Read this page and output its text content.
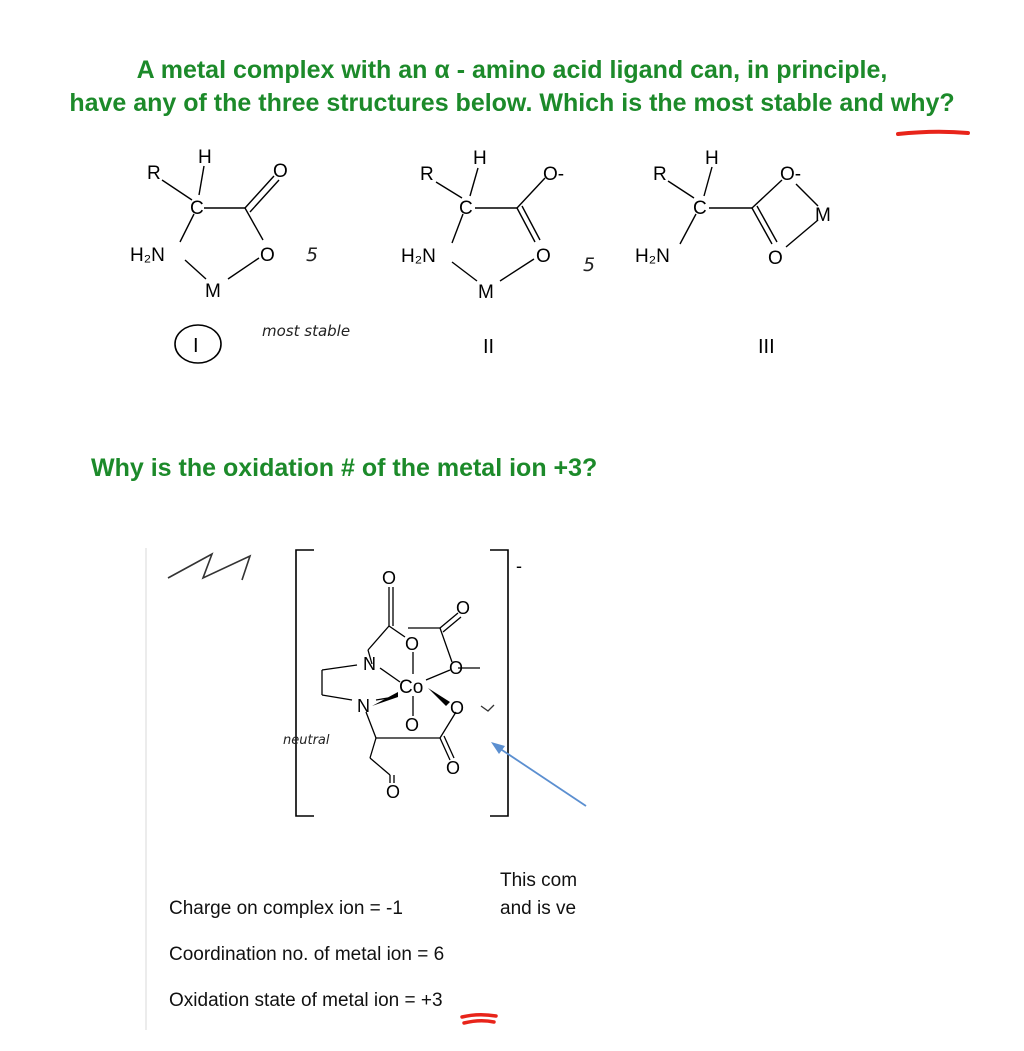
A metal complex with an α - amino acid ligand can, in principle,
have any of the three structures below. Which is the most stable and why?
Why is the oxidation # of the metal ion +3?
R
H
C
O
H₂N	O
M
5
I
most stable
R
H
C
O-
H₂N	O
M
5
II
R
H
C
O-
M
H₂N	O
III
-
O
O
O
N
Co
O
N	O
O
O
O
neutral
This com
and is ve
Charge on complex ion = -1
Coordination no. of metal ion = 6
Oxidation state of metal ion = +3
